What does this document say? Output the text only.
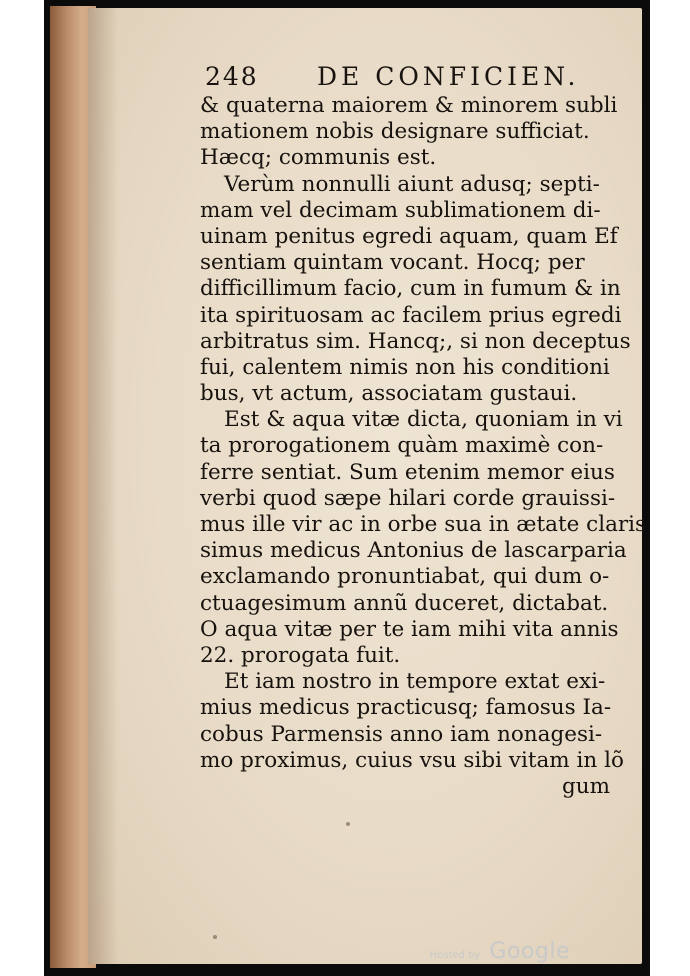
248 DE CONFICIEN.
& quaterna maiorem & minorem subli
mationem nobis designare sufficiat.
Hæcq; communis est.
Verùm nonnulli aiunt adusq; septi-
mam vel decimam sublimationem di-
uinam penitus egredi aquam, quam Ef
sentiam quintam vocant. Hocq; per
difficillimum facio, cum in fumum & in
ita spirituosam ac facilem prius egredi
arbitratus sim. Hancq;, si non deceptus
fui, calentem nimis non his conditioni
bus, vt actum, associatam gustaui.
Est & aqua vitæ dicta, quoniam in vi
ta prorogationem quàm maximè con-
ferre sentiat. Sum etenim memor eius
verbi quod sæpe hilari corde grauissi-
mus ille vir ac in orbe sua in ætate claris
simus medicus Antonius de lascarparia
exclamando pronuntiabat, qui dum o-
ctuagesimum annũ duceret, dictabat.
O aqua vitæ per te iam mihi vita annis
22. prorogata fuit.
Et iam nostro in tempore extat exi-
mius medicus practicusq; famosus Ia-
cobus Parmensis anno iam nonagesi-
mo proximus, cuius vsu sibi vitam in lõ
gum
Hosted by Google
